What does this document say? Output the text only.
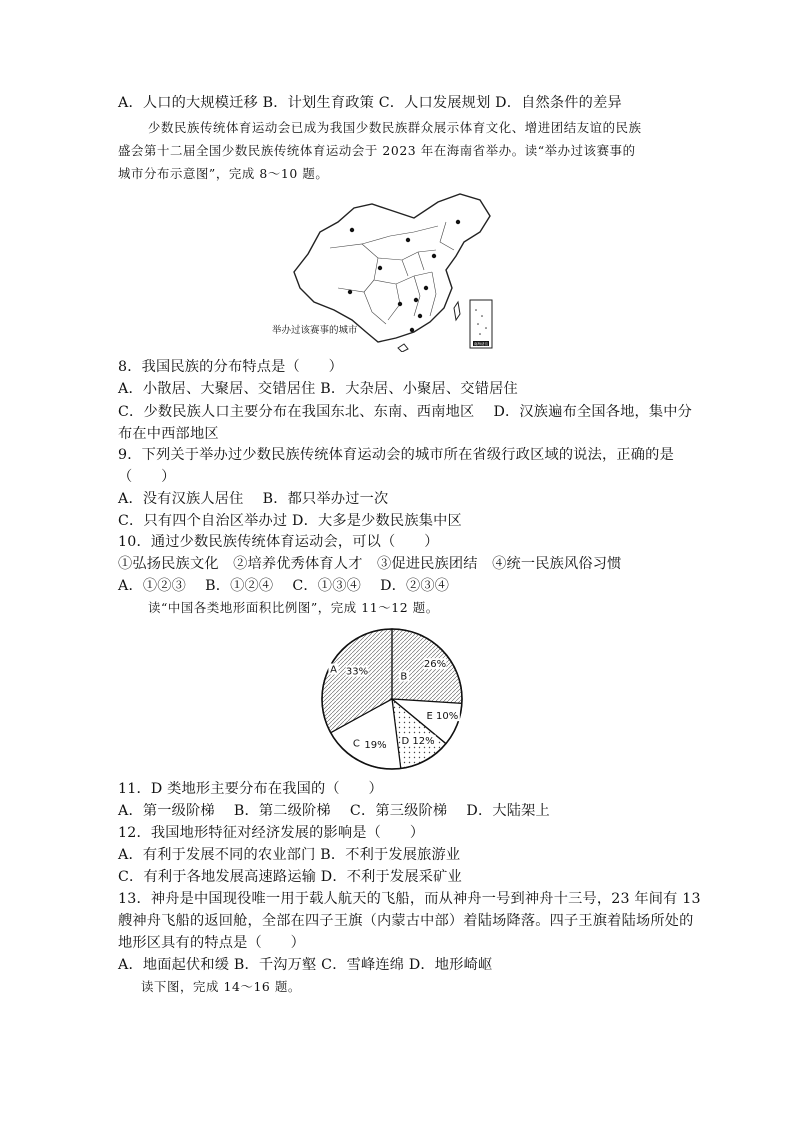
A．人口的大规模迁移 B．计划生育政策 C．人口发展规划 D．自然条件的差异
少数民族传统体育运动会已成为我国少数民族群众展示体育文化、增进团结友谊的民族
盛会第十二届全国少数民族传统体育运动会于 2023 年在海南省举办。读“举办过该赛事的
城市分布示意图”，完成 8～10 题。
南海诸岛
举办过该赛事的城市
8．我国民族的分布特点是（　　）
A．小散居、大聚居、交错居住 B．大杂居、小聚居、交错居住
C．少数民族人口主要分布在我国东北、东南、西南地区　 D．汉族遍布全国各地，集中分
布在中西部地区
9．下列关于举办过少数民族传统体育运动会的城市所在省级行政区域的说法，正确的是
（　　）
A．没有汉族人居住　 B．都只举办过一次
C．只有四个自治区举办过 D．大多是少数民族集中区
10．通过少数民族传统体育运动会，可以（　　）
①弘扬民族文化　②培养优秀体育人才　③促进民族团结　④统一民族风俗习惯
A．①②③　 B．①②④　 C．①③④　 D．②③④
读“中国各类地形面积比例图”，完成 11～12 题。
A 33%	B
26%
C 19% D 12%
E 10%
11．D 类地形主要分布在我国的（　　）
A．第一级阶梯　 B．第二级阶梯　 C．第三级阶梯　 D．大陆架上
12．我国地形特征对经济发展的影响是（　　）
A．有利于发展不同的农业部门 B．不利于发展旅游业
C．有利于各地发展高速路运输 D．不利于发展采矿业
13．神舟是中国现役唯一用于载人航天的飞船，而从神舟一号到神舟十三号，23 年间有 13
艘神舟飞船的返回舱，全部在四子王旗（内蒙古中部）着陆场降落。四子王旗着陆场所处的
地形区具有的特点是（　　）
A．地面起伏和缓 B．千沟万壑 C．雪峰连绵 D．地形崎岖
读下图，完成 14～16 题。
